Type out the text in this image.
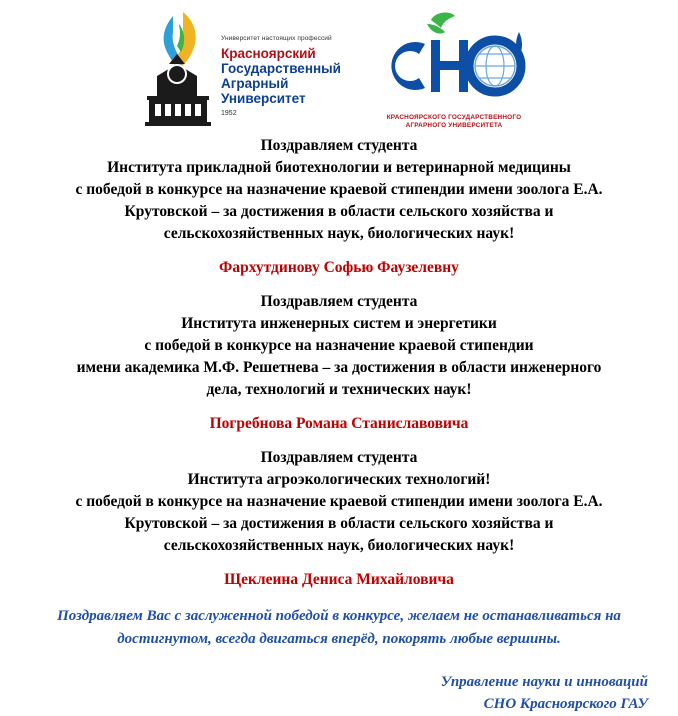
Университет настоящих профессий
Красноярский
Государственный
Аграрный
Университет
1952
КРАСНОЯРСКОГО ГОСУДАРСТВЕННОГО
АГРАРНОГО УНИВЕРСИТЕТА
Поздравляем студента
Института прикладной биотехнологии и ветеринарной медицины
с победой в конкурсе на назначение краевой стипендии имени зоолога Е.А.
Крутовской – за достижения в области сельского хозяйства и
сельскохозяйственных наук, биологических наук!
Фархутдинову Софью Фаузелевну
Поздравляем студента
Института инженерных систем и энергетики
с победой в конкурсе на назначение краевой стипендии
имени академика М.Ф. Решетнева – за достижения в области инженерного
дела, технологий и технических наук!
Погребнова Романа Станиславовича
Поздравляем студента
Института агроэкологических технологий!
с победой в конкурсе на назначение краевой стипендии имени зоолога Е.А.
Крутовской – за достижения в области сельского хозяйства и
сельскохозяйственных наук, биологических наук!
Щеклеина Дениса Михайловича
Поздравляем Вас с заслуженной победой в конкурсе, желаем не останавливаться на
достигнутом, всегда двигаться вперёд, покорять любые вершины.
Управление науки и инноваций
СНО Красноярского ГАУ
